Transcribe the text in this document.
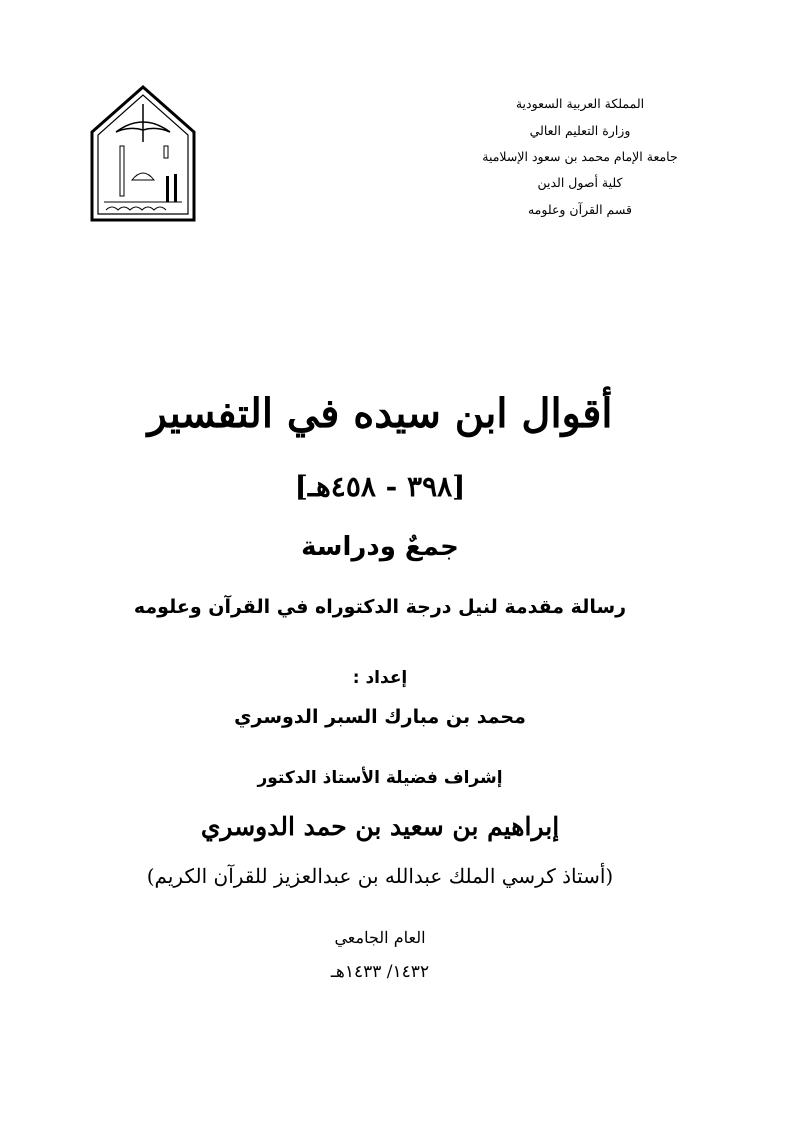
المملكة العربية السعودية
وزارة التعليم العالي
جامعة الإمام محمد بن سعود الإسلامية
كلية أصول الدين
قسم القرآن وعلومه
أقوال ابن سيده في التفسير
[٣٩٨ - ٤٥٨هـ]
جمعٌ ودراسة
رسالة مقدمة لنيل درجة الدكتوراه في القرآن وعلومه
إعداد :
محمد بن مبارك السبر الدوسري
إشراف فضيلة الأستاذ الدكتور
إبراهيم بن سعيد بن حمد الدوسري
(أستاذ كرسي الملك عبدالله بن عبدالعزيز للقرآن الكريم)
العام الجامعي
١٤٣٢/ ١٤٣٣هـ
